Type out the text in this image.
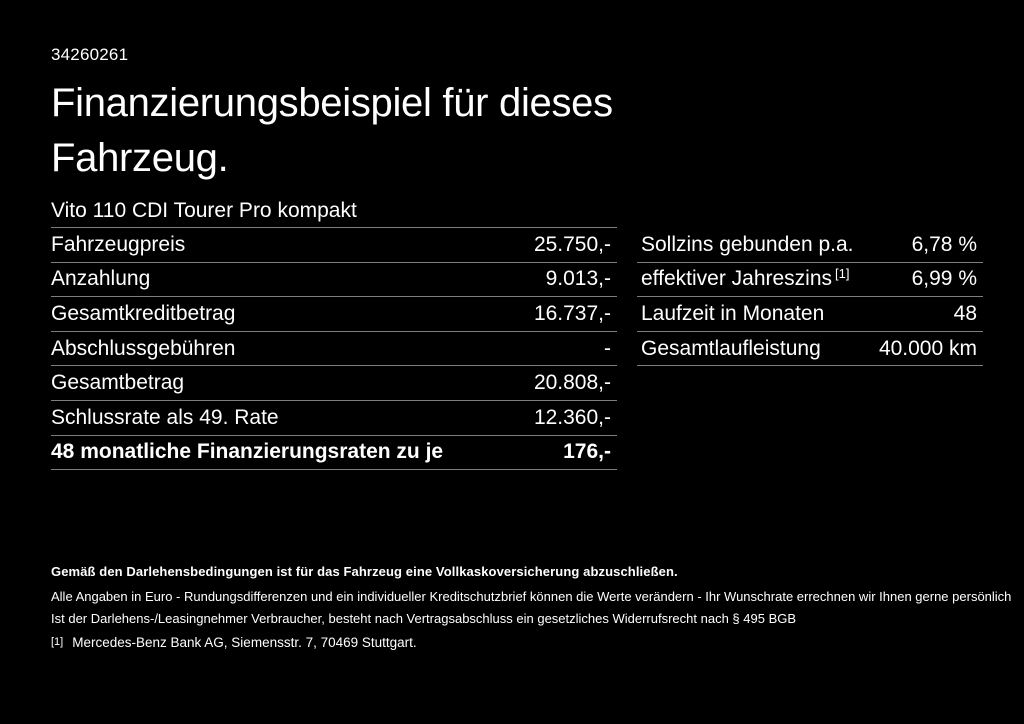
34260261
Finanzierungsbeispiel für dieses
Fahrzeug.
Vito 110 CDI Tourer Pro kompakt
Fahrzeugpreis	25.750,-
Anzahlung	9.013,-
Gesamtkreditbetrag	16.737,-
Abschlussgebühren	-
Gesamtbetrag	20.808,-
Schlussrate als 49. Rate	12.360,-
48 monatliche Finanzierungsraten zu je	176,-
Sollzins gebunden p.a.	6,78 %
effektiver Jahreszins [1]	6,99 %
Laufzeit in Monaten	48
Gesamtlaufleistung	40.000 km
Gemäß den Darlehensbedingungen ist für das Fahrzeug eine Vollkaskoversicherung abzuschließen.
Alle Angaben in Euro - Rundungsdifferenzen und ein individueller Kreditschutzbrief können die Werte verändern - Ihr Wunschrate errechnen wir Ihnen gerne persönlich
Ist der Darlehens-/Leasingnehmer Verbraucher, besteht nach Vertragsabschluss ein gesetzliches Widerrufsrecht nach § 495 BGB
[1] Mercedes-Benz Bank AG, Siemensstr. 7, 70469 Stuttgart.
